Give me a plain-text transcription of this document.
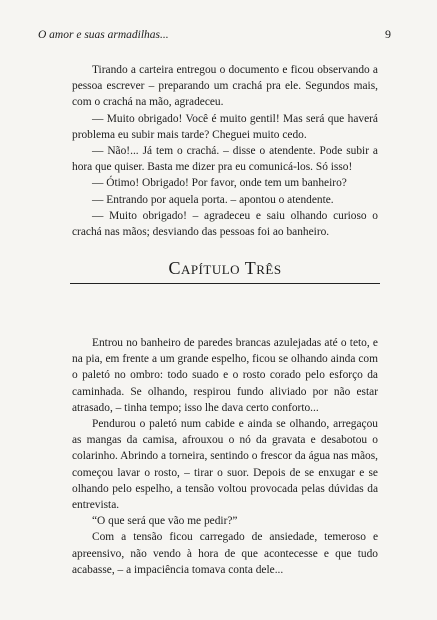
O amor e suas armadilhas...	9

Tirando a carteira entregou o documento e ficou observando a pessoa escrever – preparando um crachá pra ele. Segundos mais, com o crachá na mão, agradeceu.

— Muito obrigado! Você é muito gentil! Mas será que haverá problema eu subir mais tarde? Cheguei muito cedo.

— Não!... Já tem o crachá. – disse o atendente. Pode subir a hora que quiser. Basta me dizer pra eu comunicá-los. Só isso!

— Ótimo! Obrigado! Por favor, onde tem um banheiro?

— Entrando por aquela porta. – apontou o atendente.

— Muito obrigado! – agradeceu e saiu olhando curioso o crachá nas mãos; desviando das pessoas foi ao banheiro.

Capítulo Três

Entrou no banheiro de paredes brancas azulejadas até o teto, e na pia, em frente a um grande espelho, ficou se olhando ainda com o paletó no ombro: todo suado e o rosto corado pelo esforço da caminhada. Se olhando, respirou fundo aliviado por não estar atrasado, – tinha tempo; isso lhe dava certo conforto...

Pendurou o paletó num cabide e ainda se olhando, arregaçou as mangas da camisa, afrouxou o nó da gravata e desabotou o colarinho. Abrindo a torneira, sentindo o frescor da água nas mãos, começou lavar o rosto, – tirar o suor. Depois de se enxugar e se olhando pelo espelho, a tensão voltou provocada pelas dúvidas da entrevista.

“O que será que vão me pedir?”

Com a tensão ficou carregado de ansiedade, temeroso e apreensivo, não vendo à hora de que acontecesse e que tudo acabasse, – a impaciência tomava conta dele...
